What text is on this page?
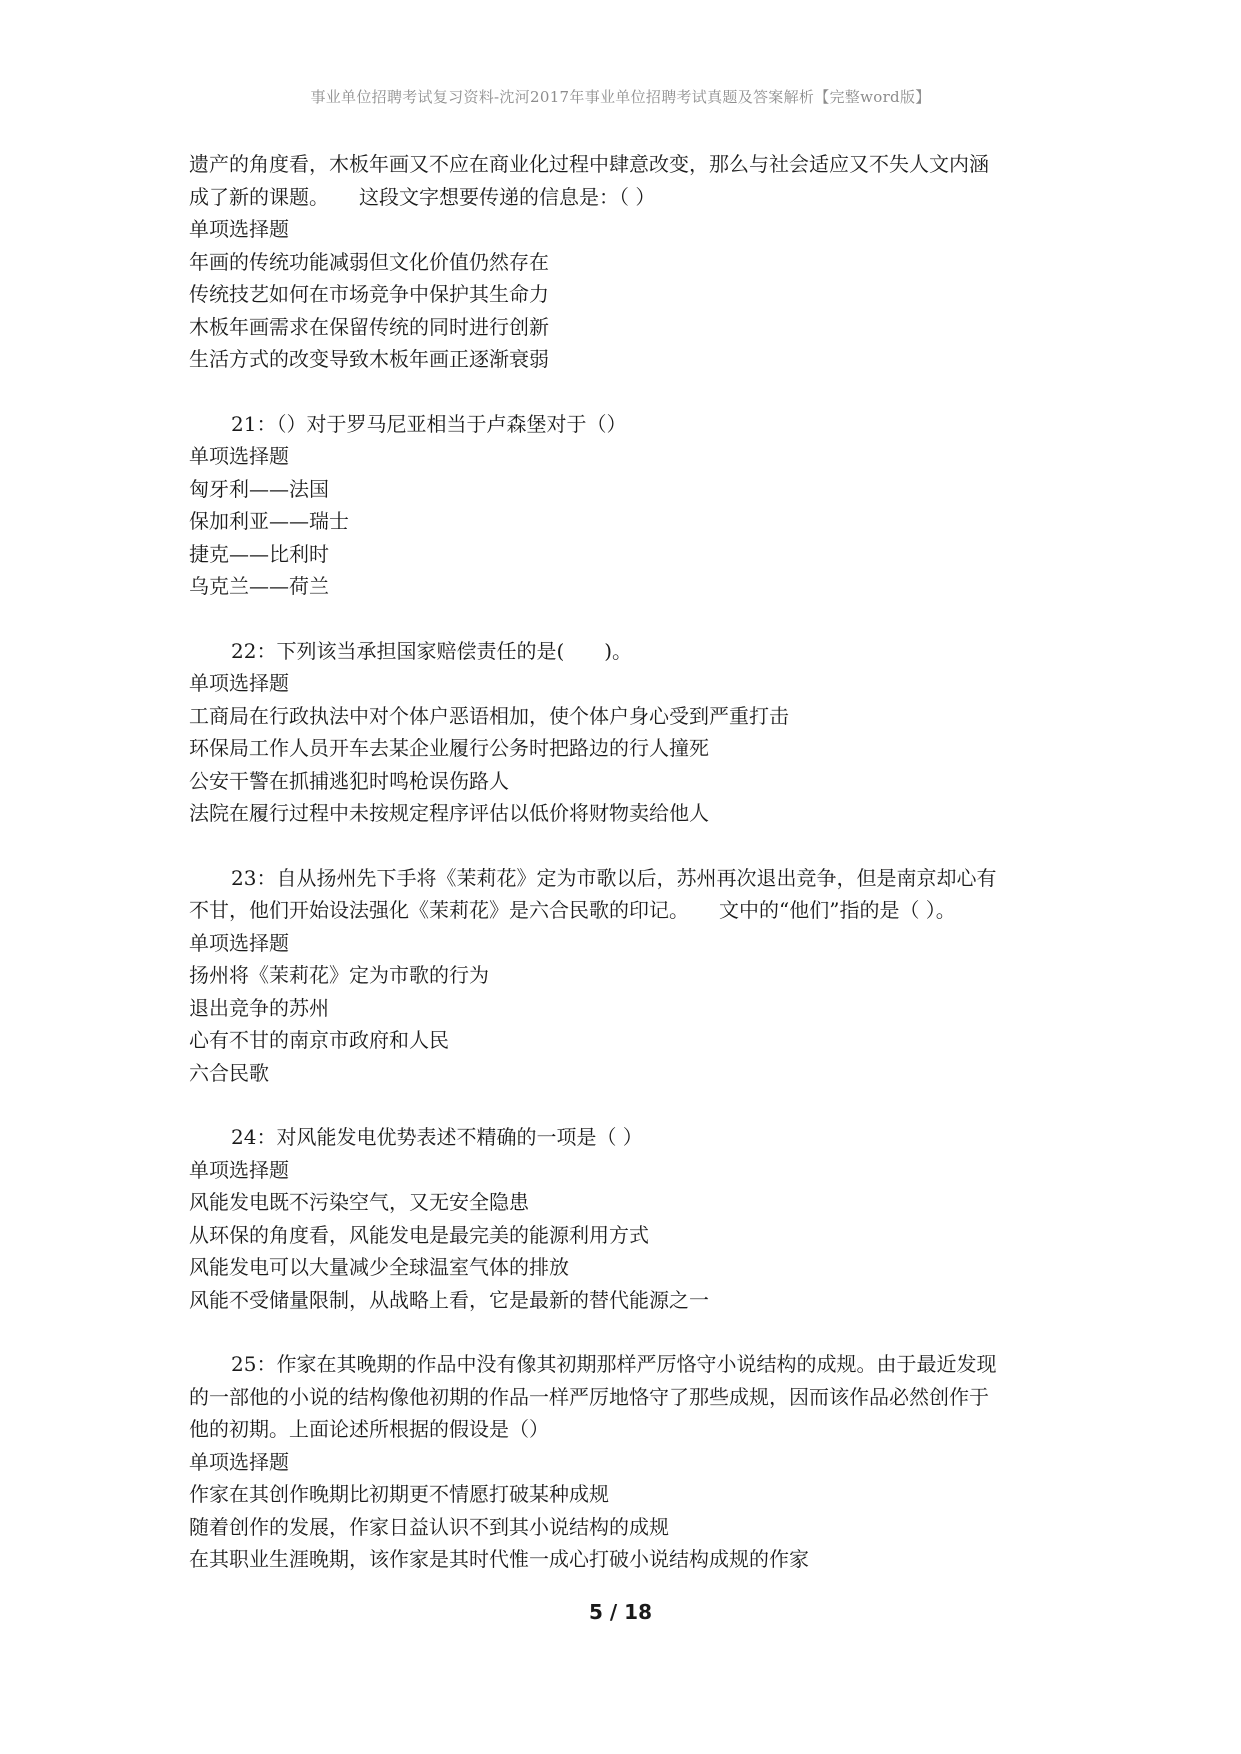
事业单位招聘考试复习资料-沈河2017年事业单位招聘考试真题及答案解析【完整word版】
遗产的角度看，木板年画又不应在商业化过程中肆意改变，那么与社会适应又不失人文内涵
成了新的课题。　　这段文字想要传递的信息是：（ ）
单项选择题
年画的传统功能减弱但文化价值仍然存在
传统技艺如何在市场竞争中保护其生命力
木板年画需求在保留传统的同时进行创新
生活方式的改变导致木板年画正逐渐衰弱
21：（）对于罗马尼亚相当于卢森堡对于（）
单项选择题
匈牙利——法国
保加利亚——瑞士
捷克——比利时
乌克兰——荷兰
22：下列该当承担国家赔偿责任的是(　　)。
单项选择题
工商局在行政执法中对个体户恶语相加，使个体户身心受到严重打击
环保局工作人员开车去某企业履行公务时把路边的行人撞死
公安干警在抓捕逃犯时鸣枪误伤路人
法院在履行过程中未按规定程序评估以低价将财物卖给他人
23：自从扬州先下手将《茉莉花》定为市歌以后，苏州再次退出竞争，但是南京却心有
不甘，他们开始设法强化《茉莉花》是六合民歌的印记。　　文中的“他们”指的是（ ）。
单项选择题
扬州将《茉莉花》定为市歌的行为
退出竞争的苏州
心有不甘的南京市政府和人民
六合民歌
24：对风能发电优势表述不精确的一项是（ ）
单项选择题
风能发电既不污染空气，又无安全隐患
从环保的角度看，风能发电是最完美的能源利用方式
风能发电可以大量减少全球温室气体的排放
风能不受储量限制，从战略上看，它是最新的替代能源之一
25：作家在其晚期的作品中没有像其初期那样严厉恪守小说结构的成规。由于最近发现
的一部他的小说的结构像他初期的作品一样严厉地恪守了那些成规，因而该作品必然创作于
他的初期。上面论述所根据的假设是（）
单项选择题
作家在其创作晚期比初期更不情愿打破某种成规
随着创作的发展，作家日益认识不到其小说结构的成规
在其职业生涯晚期，该作家是其时代惟一成心打破小说结构成规的作家
5 / 18
